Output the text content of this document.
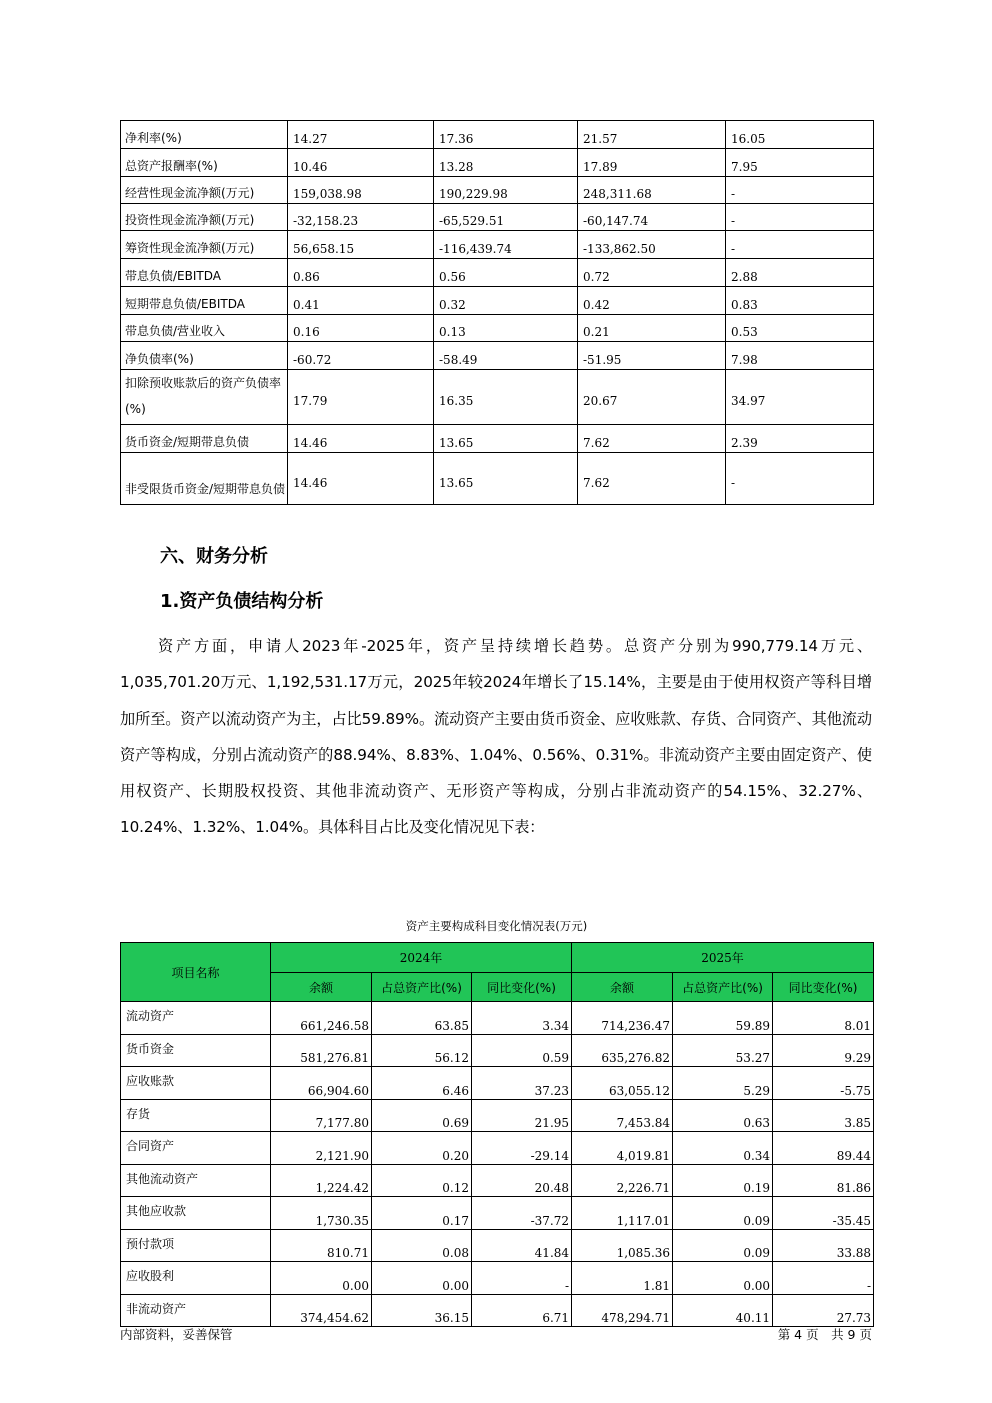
净利率(%)	14.27	17.36	21.57	16.05
总资产报酬率(%)	10.46	13.28	17.89	7.95
经营性现金流净额(万元)	159,038.98	190,229.98	248,311.68	-
投资性现金流净额(万元)	-32,158.23	-65,529.51	-60,147.74	-
筹资性现金流净额(万元)	56,658.15	-116,439.74	-133,862.50	-
带息负债/EBITDA	0.86	0.56	0.72	2.88
短期带息负债/EBITDA	0.41	0.32	0.42	0.83
带息负债/营业收入	0.16	0.13	0.21	0.53
净负债率(%)	-60.72	-58.49	-51.95	7.98
扣除预收账款后的资产负债率(%)	17.79	16.35	20.67	34.97
货币资金/短期带息负债	14.46	13.65	7.62	2.39
非受限货币资金/短期带息负债	14.46	13.65	7.62	-
六、财务分析
1.资产负债结构分析

资产方面，申请人2023年-2025年，资产呈持续增长趋势。总资产分别为990,779.14万元、1,035,701.20万元、1,192,531.17万元，2025年较2024年增长了15.14%，主要是由于使用权资产等科目增加所至。资产以流动资产为主，占比59.89%。流动资产主要由货币资金、应收账款、存货、合同资产、其他流动资产等构成，分别占流动资产的88.94%、8.83%、1.04%、0.56%、0.31%。非流动资产主要由固定资产、使用权资产、长期股权投资、其他非流动资产、无形资产等构成，分别占非流动资产的54.15%、32.27%、10.24%、1.32%、1.04%。具体科目占比及变化情况见下表：

资产主要构成科目变化情况表(万元)

项目名称	2024年			2025年		
	余额	占总资产比(%)	同比变化(%)	余额	占总资产比(%)	同比变化(%)
流动资产	661,246.58	63.85	3.34	714,236.47	59.89	8.01
货币资金	581,276.81	56.12	0.59	635,276.82	53.27	9.29
应收账款	66,904.60	6.46	37.23	63,055.12	5.29	-5.75
存货	7,177.80	0.69	21.95	7,453.84	0.63	3.85
合同资产	2,121.90	0.20	-29.14	4,019.81	0.34	89.44
其他流动资产	1,224.42	0.12	20.48	2,226.71	0.19	81.86
其他应收款	1,730.35	0.17	-37.72	1,117.01	0.09	-35.45
预付款项	810.71	0.08	41.84	1,085.36	0.09	33.88
应收股利	0.00	0.00	-	1.81	0.00	-
非流动资产	374,454.62	36.15	6.71	478,294.71	40.11	27.73

内部资料，妥善保管	第 4 页　共 9 页
